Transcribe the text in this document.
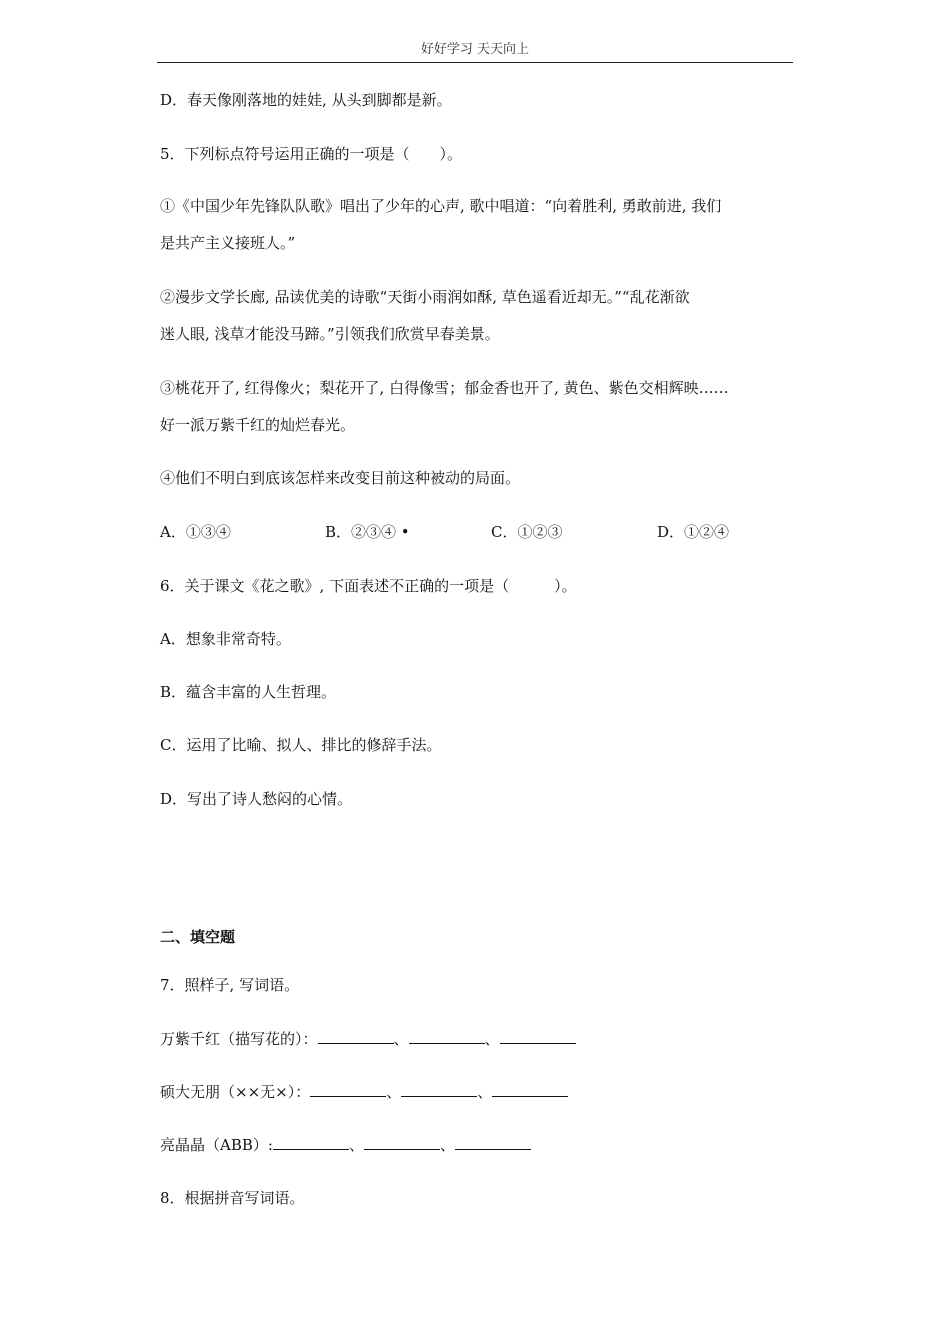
好好学习 天天向上
D．春天像刚落地的娃娃, 从头到脚都是新。
5．下列标点符号运用正确的一项是（　　）。
①《中国少年先锋队队歌》唱出了少年的心声, 歌中唱道：“向着胜利, 勇敢前进, 我们
是共产主义接班人。”
②漫步文学长廊, 品读优美的诗歌“天街小雨润如酥, 草色遥看近却无。”“乱花渐欲
迷人眼, 浅草才能没马蹄。”引领我们欣赏早春美景。
③桃花开了, 红得像火；梨花开了, 白得像雪；郁金香也开了, 黄色、紫色交相辉映……
好一派万紫千红的灿烂春光。
④他们不明白到底该怎样来改变目前这种被动的局面。
A．①③④	B．②③④ •	C．①②③	D．①②④
6．关于课文《花之歌》, 下面表述不正确的一项是（　　　）。
A．想象非常奇特。
B．蕴含丰富的人生哲理。
C．运用了比喻、拟人、排比的修辞手法。
D．写出了诗人愁闷的心情。
二、填空题
7．照样子, 写词语。
万紫千红（描写花的）：	、	、
硕大无朋（××无×）：	、	、
亮晶晶（ABB）:	、	、
8．根据拼音写词语。
